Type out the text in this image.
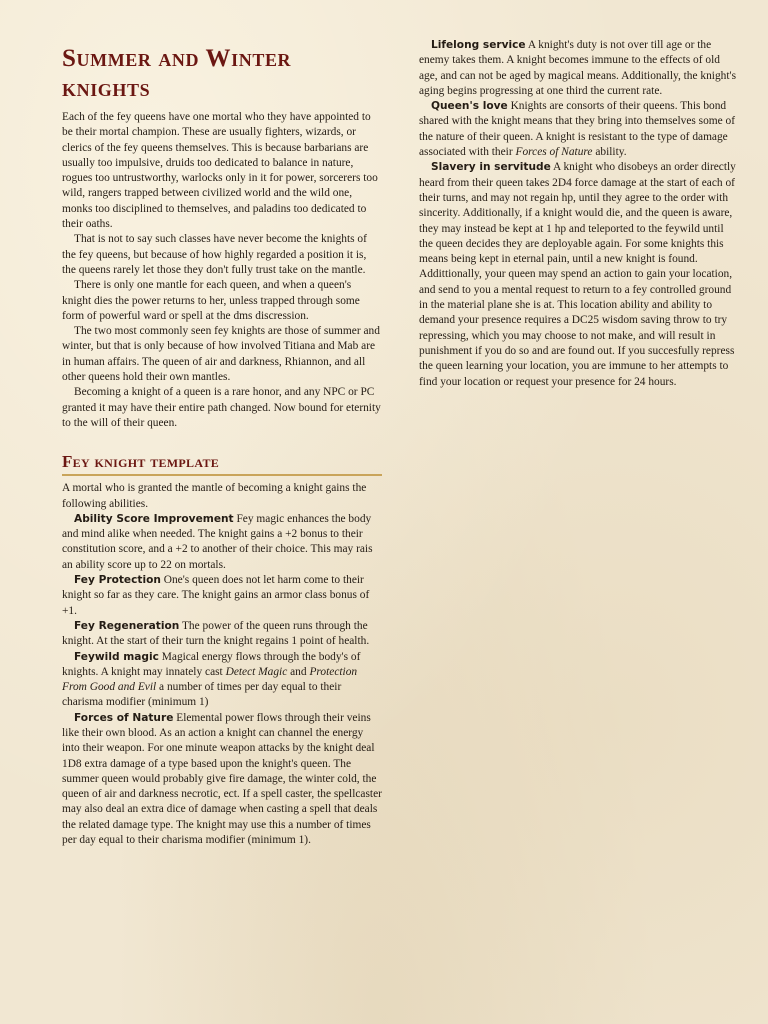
Summer and Winter knights

Each of the fey queens have one mortal who they have appointed to be their mortal champion. These are usually fighters, wizards, or clerics of the fey queens themselves. This is because barbarians are usually too impulsive, druids too dedicated to balance in nature, rogues too untrustworthy, warlocks only in it for power, sorcerers too wild, rangers trapped between civilized world and the wild one, monks too disciplined to themselves, and paladins too dedicated to their oaths.

That is not to say such classes have never become the knights of the fey queens, but because of how highly regarded a position it is, the queens rarely let those they don't fully trust take on the mantle.

There is only one mantle for each queen, and when a queen's knight dies the power returns to her, unless trapped through some form of powerful ward or spell at the dms discression.

The two most commonly seen fey knights are those of summer and winter, but that is only because of how involved Titiana and Mab are in human affairs. The queen of air and darkness, Rhiannon, and all other queens hold their own mantles.

Becoming a knight of a queen is a rare honor, and any NPC or PC granted it may have their entire path changed. Now bound for eternity to the will of their queen.

Fey knight template

A mortal who is granted the mantle of becoming a knight gains the following abilities.

Ability Score Improvement Fey magic enhances the body and mind alike when needed. The knight gains a +2 bonus to their constitution score, and a +2 to another of their choice. This may rais an ability score up to 22 on mortals.

Fey Protection One's queen does not let harm come to their knight so far as they care. The knight gains an armor class bonus of +1.

Fey Regeneration The power of the queen runs through the knight. At the start of their turn the knight regains 1 point of health.

Feywild magic Magical energy flows through the body's of knights. A knight may innately cast Detect Magic and Protection From Good and Evil a number of times per day equal to their charisma modifier (minimum 1)

Forces of Nature Elemental power flows through their veins like their own blood. As an action a knight can channel the energy into their weapon. For one minute weapon attacks by the knight deal 1D8 extra damage of a type based upon the knight's queen. The summer queen would probably give fire damage, the winter cold, the queen of air and darkness necrotic, ect. If a spell caster, the spellcaster may also deal an extra dice of damage when casting a spell that deals the related damage type. The knight may use this a number of times per day equal to their charisma modifier (minimum 1).

Lifelong service A knight's duty is not over till age or the enemy takes them. A knight becomes immune to the effects of old age, and can not be aged by magical means. Additionally, the knight's aging begins progressing at one third the current rate.

Queen's love Knights are consorts of their queens. This bond shared with the knight means that they bring into themselves some of the nature of their queen. A knight is resistant to the type of damage associated with their Forces of Nature ability.

Slavery in servitude A knight who disobeys an order directly heard from their queen takes 2D4 force damage at the start of each of their turns, and may not regain hp, until they agree to the order with sincerity. Additionally, if a knight would die, and the queen is aware, they may instead be kept at 1 hp and teleported to the feywild until the queen decides they are deployable again. For some knights this means being kept in eternal pain, until a new knight is found. Addittionally, your queen may spend an action to gain your location, and send to you a mental request to return to a fey controlled ground in the material plane she is at. This location ability and ability to demand your presence requires a DC25 wisdom saving throw to try repressing, which you may choose to not make, and will result in punishment if you do so and are found out. If you succesfully repress the queen learning your location, you are immune to her attempts to find your location or request your presence for 24 hours.
